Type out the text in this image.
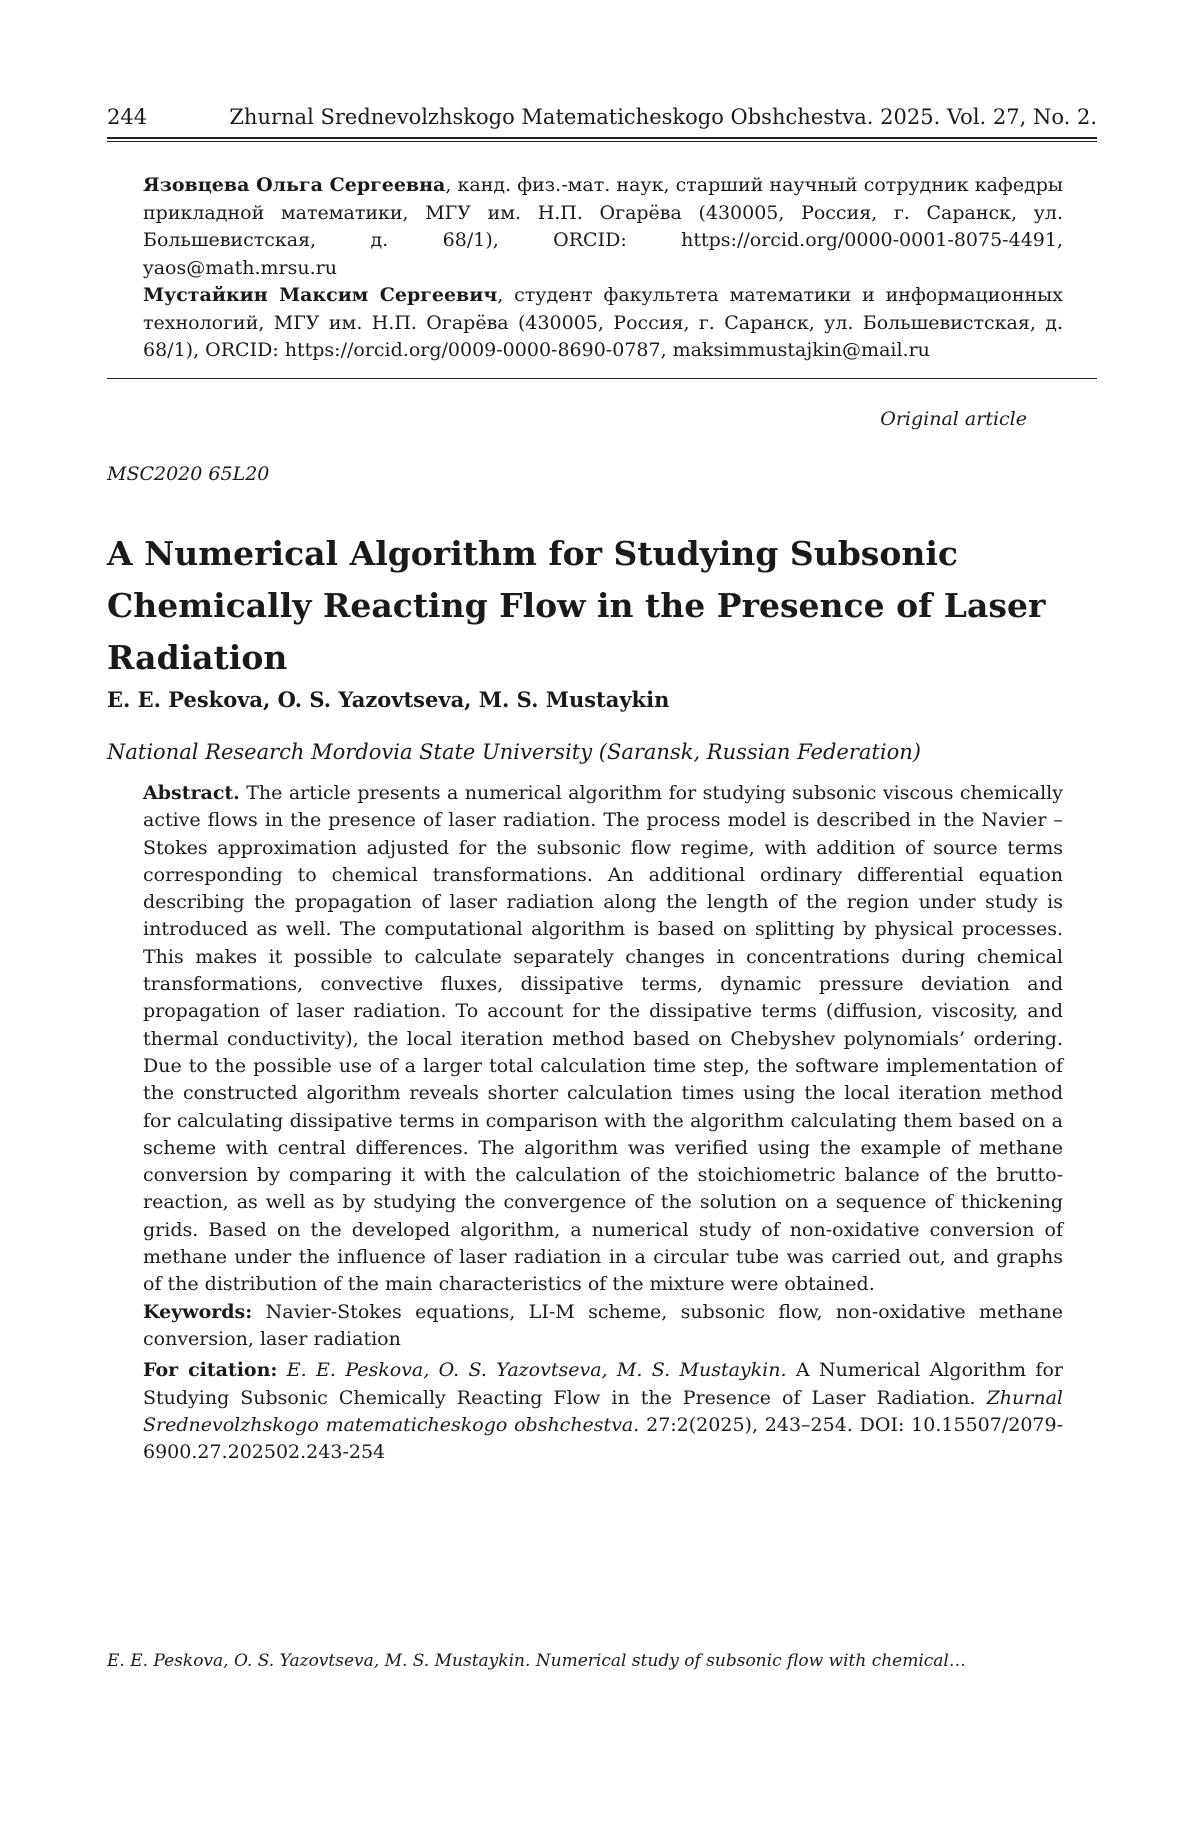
244	Zhurnal Srednevolzhskogo Matematicheskogo Obshchestva. 2025. Vol. 27, No. 2.

Язовцева Ольга Сергеевна, канд. физ.-мат. наук, старший научный сотрудник кафедры прикладной математики, МГУ им. Н.П. Огарёва (430005, Россия, г. Саранск, ул. Большевистская, д. 68/1), ORCID: https://orcid.org/0000-0001-8075-4491, yaos@math.mrsu.ru

Мустайкин Максим Сергеевич, студент факультета математики и информационных технологий, МГУ им. Н.П. Огарёва (430005, Россия, г. Саранск, ул. Большевистская, д. 68/1), ORCID: https://orcid.org/0009-0000-8690-0787, maksimmustajkin@mail.ru

Original article
MSC2020 65L20
A Numerical Algorithm for Studying Subsonic Chemically Reacting Flow in the Presence of Laser Radiation
E. E. Peskova, O. S. Yazovtseva, M. S. Mustaykin
National Research Mordovia State University (Saransk, Russian Federation)

Abstract. The article presents a numerical algorithm for studying subsonic viscous chemically active flows in the presence of laser radiation. The process model is described in the Navier – Stokes approximation adjusted for the subsonic flow regime, with addition of source terms corresponding to chemical transformations. An additional ordinary differential equation describing the propagation of laser radiation along the length of the region under study is introduced as well. The computational algorithm is based on splitting by physical processes. This makes it possible to calculate separately changes in concentrations during chemical transformations, convective fluxes, dissipative terms, dynamic pressure deviation and propagation of laser radiation. To account for the dissipative terms (diffusion, viscosity, and thermal conductivity), the local iteration method based on Chebyshev polynomials’ ordering. Due to the possible use of a larger total calculation time step, the software implementation of the constructed algorithm reveals shorter calculation times using the local iteration method for calculating dissipative terms in comparison with the algorithm calculating them based on a scheme with central differences. The algorithm was verified using the example of methane conversion by comparing it with the calculation of the stoichiometric balance of the brutto-reaction, as well as by studying the convergence of the solution on a sequence of thickening grids. Based on the developed algorithm, a numerical study of non-oxidative conversion of methane under the influence of laser radiation in a circular tube was carried out, and graphs of the distribution of the main characteristics of the mixture were obtained.

Keywords: Navier-Stokes equations, LI-M scheme, subsonic flow, non-oxidative methane conversion, laser radiation

For citation: E. E. Peskova, O. S. Yazovtseva, M. S. Mustaykin. A Numerical Algorithm for Studying Subsonic Chemically Reacting Flow in the Presence of Laser Radiation. Zhurnal Srednevolzhskogo matematicheskogo obshchestva. 27:2(2025), 243–254. DOI: 10.15507/2079-6900.27.202502.243-254

E. E. Peskova, O. S. Yazovtseva, M. S. Mustaykin. Numerical study of subsonic flow with chemical…
